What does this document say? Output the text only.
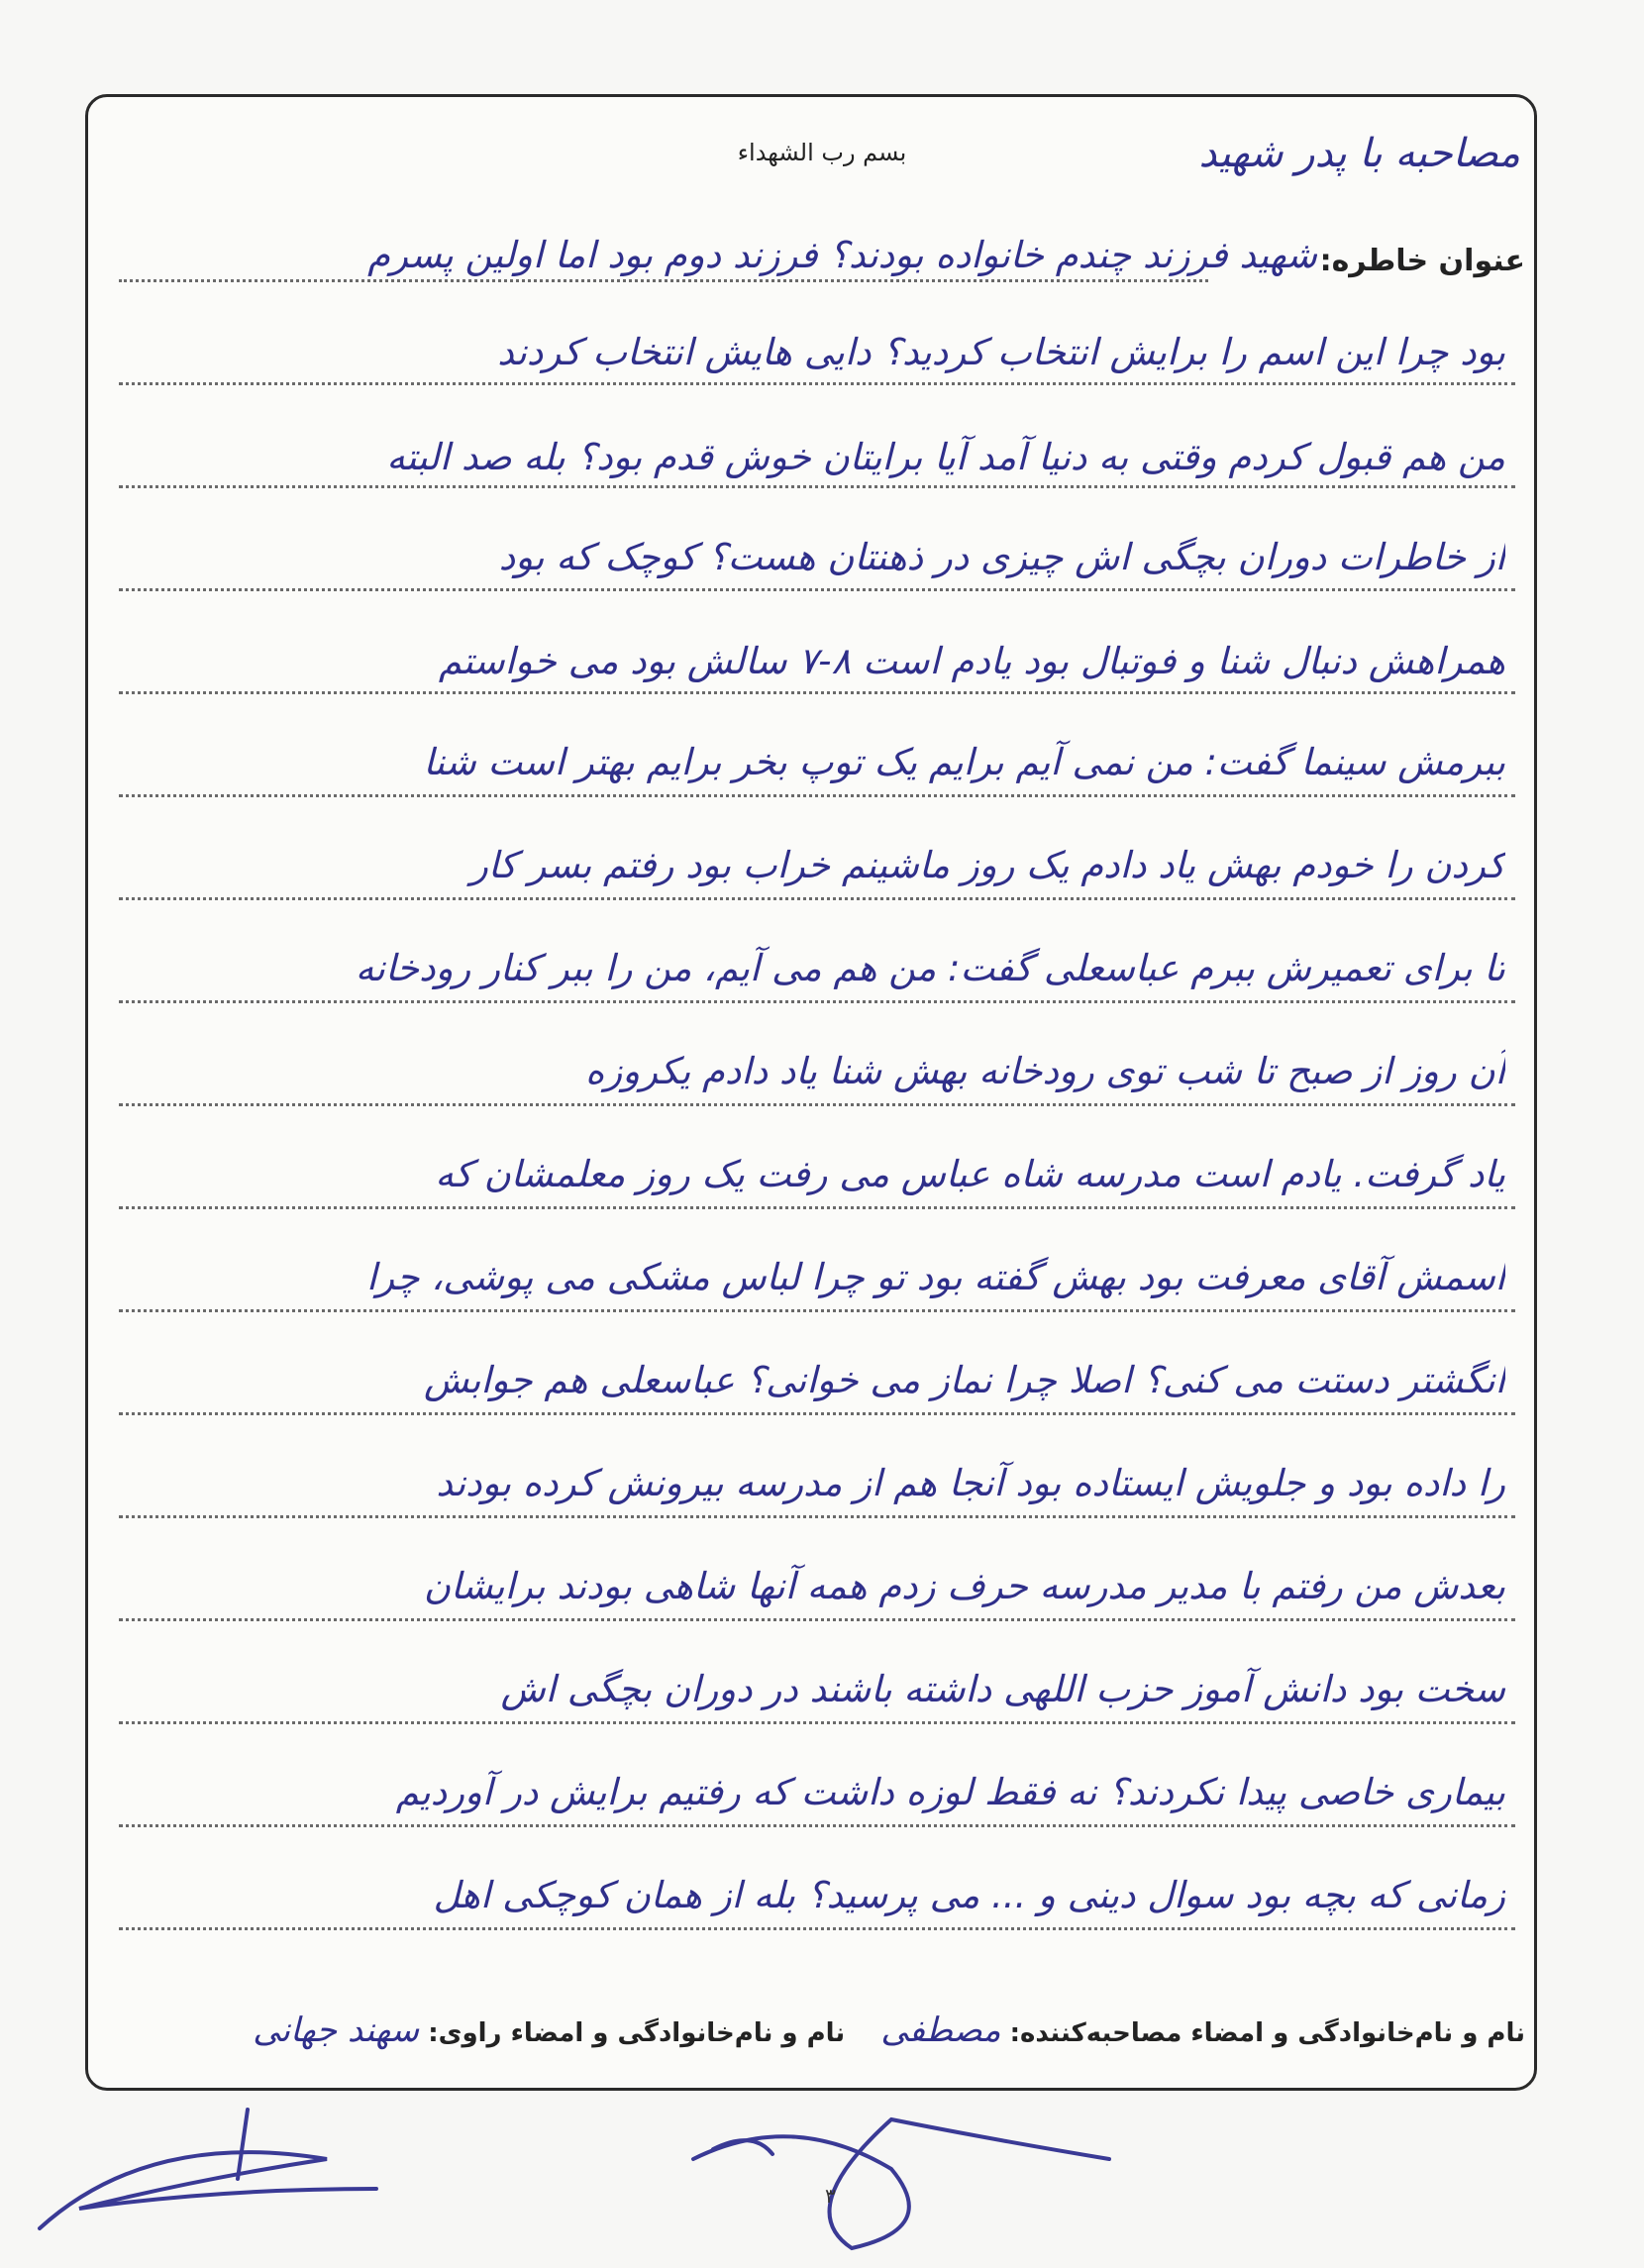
بسم رب الشهداء	مصاحبه با پدر شهید
عنوان خاطره:
شهید فرزند چندم خانواده بودند؟ فرزند دوم بود اما اولین پسرم
بود چرا این اسم را برایش انتخاب کردید؟ دایی هایش انتخاب کردند
من هم قبول کردم وقتی به دنیا آمد آیا برایتان خوش قدم بود؟ بله صد البته
از خاطرات دوران بچگی اش چیزی در ذهنتان هست؟ کوچک که بود
همراهش دنبال شنا و فوتبال بود یادم است ۸-۷ سالش بود می خواستم
ببرمش سینما گفت: من نمی آیم برایم یک توپ بخر برایم بهتر است شنا
کردن را خودم بهش یاد دادم یک روز ماشینم خراب بود رفتم بسر کار
تا برای تعمیرش ببرم عباسعلی گفت: من هم می آیم، من را ببر کنار رودخانه
آن روز از صبح تا شب توی رودخانه بهش شنا یاد دادم یکروزه
یاد گرفت. یادم است مدرسه شاه عباس می رفت یک روز معلمشان که
اسمش آقای معرفت بود بهش گفته بود تو چرا لباس مشکی می پوشی، چرا
انگشتر دستت می کنی؟ اصلا چرا نماز می خوانی؟ عباسعلی هم جوابش
را داده بود و جلویش ایستاده بود آنجا هم از مدرسه بیرونش کرده بودند
بعدش من رفتم با مدیر مدرسه حرف زدم همه آنها شاهی بودند برایشان
سخت بود دانش آموز حزب اللهی داشته باشند در دوران بچگی اش
بیماری خاصی پیدا نکردند؟ نه فقط لوزه داشت که رفتیم برایش در آوردیم
زمانی که بچه بود سوال دینی و ... می پرسید؟ بله از همان کوچکی اهل
نام و نام‌خانوادگی و امضاء مصاحبه‌کننده: مصطفی    نام و نام‌خانوادگی و امضاء راوی: سهند جهانی
۳
